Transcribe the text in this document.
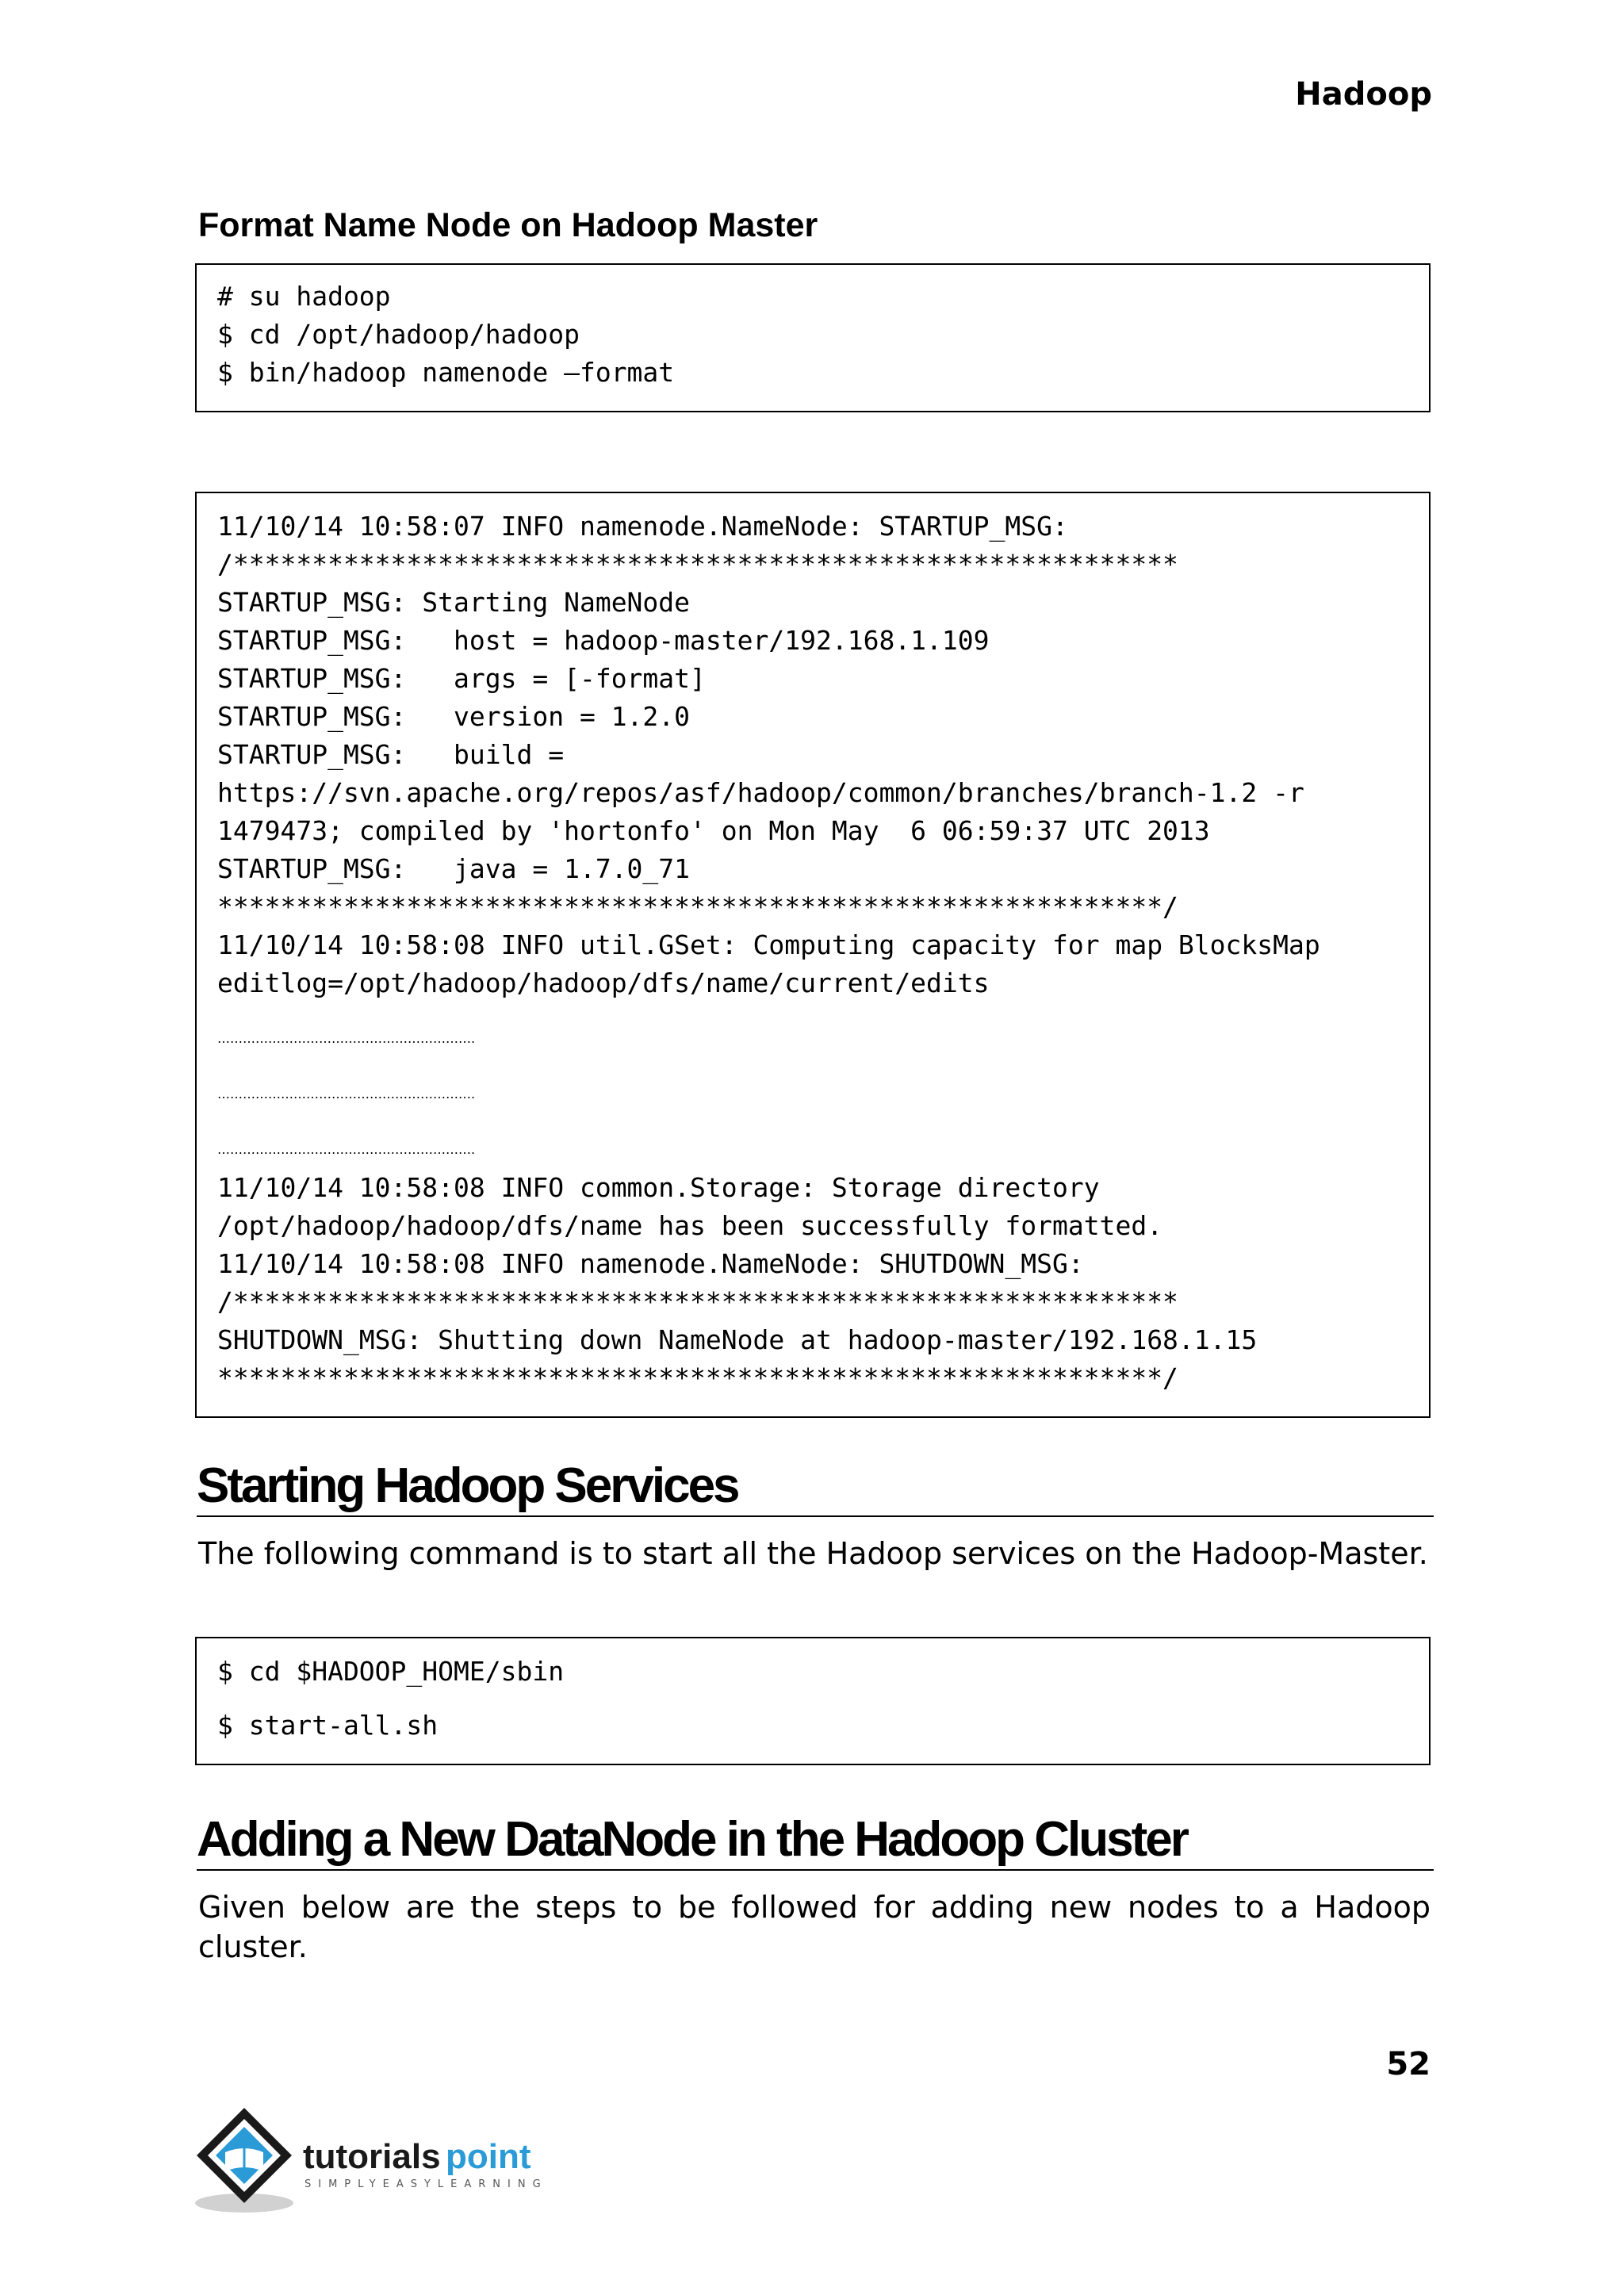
Hadoop
Format Name Node on Hadoop Master
# su hadoop
$ cd /opt/hadoop/hadoop
$ bin/hadoop namenode –format
11/10/14 10:58:07 INFO namenode.NameNode: STARTUP_MSG:
/************************************************************
STARTUP_MSG: Starting NameNode
STARTUP_MSG:   host = hadoop-master/192.168.1.109
STARTUP_MSG:   args = [-format]
STARTUP_MSG:   version = 1.2.0
STARTUP_MSG:   build =
https://svn.apache.org/repos/asf/hadoop/common/branches/branch-1.2 -r
1479473; compiled by 'hortonfo' on Mon May  6 06:59:37 UTC 2013
STARTUP_MSG:   java = 1.7.0_71
************************************************************/
11/10/14 10:58:08 INFO util.GSet: Computing capacity for map BlocksMap
editlog=/opt/hadoop/hadoop/dfs/name/current/edits
…………………………………………………….
…………………………………………………….
…………………………………………………….
11/10/14 10:58:08 INFO common.Storage: Storage directory
/opt/hadoop/hadoop/dfs/name has been successfully formatted.
11/10/14 10:58:08 INFO namenode.NameNode: SHUTDOWN_MSG:
/************************************************************
SHUTDOWN_MSG: Shutting down NameNode at hadoop-master/192.168.1.15
************************************************************/
Starting Hadoop Services
The following command is to start all the Hadoop services on the Hadoop-Master.
$ cd $HADOOP_HOME/sbin
$ start-all.sh
Adding a New DataNode in the Hadoop Cluster
Given below are the steps to be followed for adding new nodes to a Hadoop cluster.
52
tutorials point
SIMPLYEASYLEARNING
